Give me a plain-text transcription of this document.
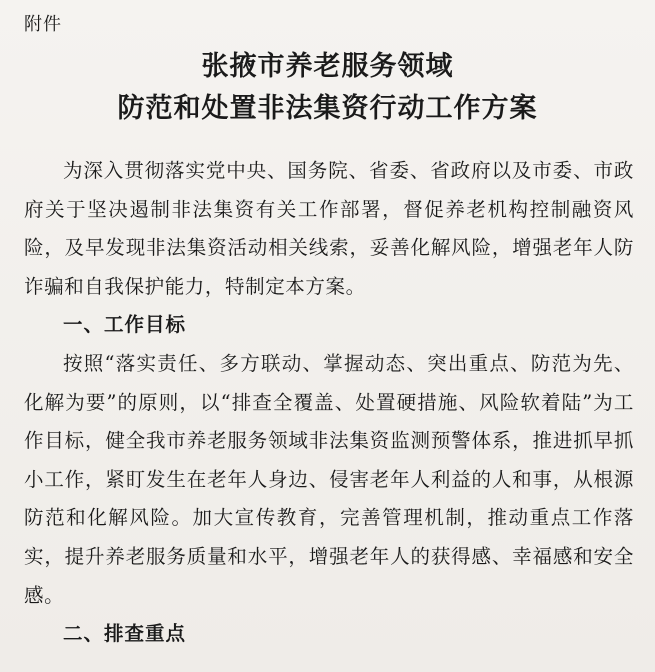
附件
张掖市养老服务领域
防范和处置非法集资行动工作方案

为深入贯彻落实党中央、国务院、省委、省政府以及市委、市政府关于坚决遏制非法集资有关工作部署，督促养老机构控制融资风险，及早发现非法集资活动相关线索，妥善化解风险，增强老年人防诈骗和自我保护能力，特制定本方案。

一、工作目标

按照“落实责任、多方联动、掌握动态、突出重点、防范为先、化解为要”的原则，以“排查全覆盖、处置硬措施、风险软着陆”为工作目标，健全我市养老服务领域非法集资监测预警体系，推进抓早抓小工作，紧盯发生在老年人身边、侵害老年人利益的人和事，从根源防范和化解风险。加大宣传教育，完善管理机制，推动重点工作落实，提升养老服务质量和水平，增强老年人的获得感、幸福感和安全感。

二、排查重点
